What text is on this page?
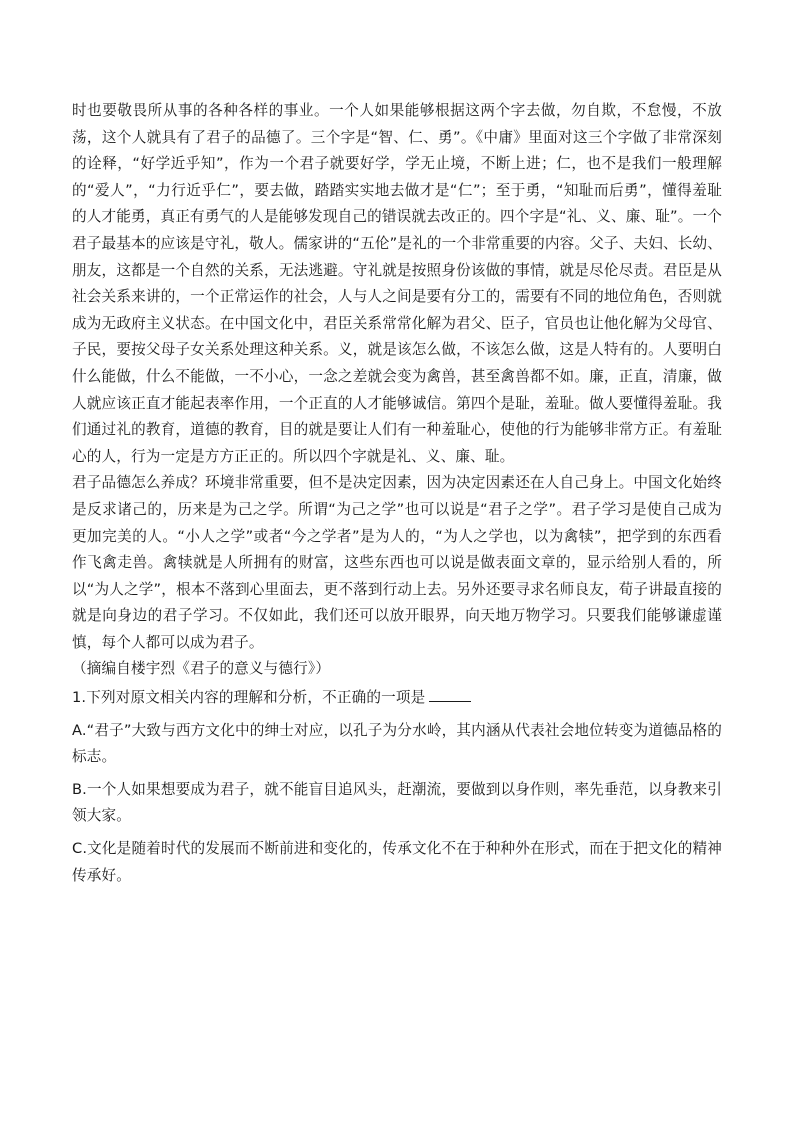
时也要敬畏所从事的各种各样的事业。一个人如果能够根据这两个字去做，勿自欺，不怠慢，不放荡，这个人就具有了君子的品德了。三个字是“智、仁、勇”。《中庸》里面对这三个字做了非常深刻的诠释，“好学近乎知”，作为一个君子就要好学，学无止境，不断上进；仁，也不是我们一般理解的“爱人”，“力行近乎仁”，要去做，踏踏实实地去做才是“仁”；至于勇，“知耻而后勇”，懂得羞耻的人才能勇，真正有勇气的人是能够发现自己的错误就去改正的。四个字是“礼、义、廉、耻”。一个君子最基本的应该是守礼，敬人。儒家讲的“五伦”是礼的一个非常重要的内容。父子、夫妇、长幼、朋友，这都是一个自然的关系，无法逃避。守礼就是按照身份该做的事情，就是尽伦尽责。君臣是从社会关系来讲的，一个正常运作的社会，人与人之间是要有分工的，需要有不同的地位角色，否则就成为无政府主义状态。在中国文化中，君臣关系常常化解为君父、臣子，官员也让他化解为父母官、子民，要按父母子女关系处理这种关系。义，就是该怎么做，不该怎么做，这是人特有的。人要明白什么能做，什么不能做，一不小心，一念之差就会变为禽兽，甚至禽兽都不如。廉，正直，清廉，做人就应该正直才能起表率作用，一个正直的人才能够诚信。第四个是耻，羞耻。做人要懂得羞耻。我们通过礼的教育，道德的教育，目的就是要让人们有一种羞耻心，使他的行为能够非常方正。有羞耻心的人，行为一定是方方正正的。所以四个字就是礼、义、廉、耻。

君子品德怎么养成？环境非常重要，但不是决定因素，因为决定因素还在人自己身上。中国文化始终是反求诸己的，历来是为己之学。所谓“为己之学”也可以说是“君子之学”。君子学习是使自己成为更加完美的人。“小人之学”或者“今之学者”是为人的，“为人之学也，以为禽犊”，把学到的东西看作飞禽走兽。禽犊就是人所拥有的财富，这些东西也可以说是做表面文章的，显示给别人看的，所以“为人之学”，根本不落到心里面去，更不落到行动上去。另外还要寻求名师良友，荀子讲最直接的就是向身边的君子学习。不仅如此，我们还可以放开眼界，向天地万物学习。只要我们能够谦虚谨慎，每个人都可以成为君子。

（摘编自楼宇烈《君子的意义与德行》）

1.下列对原文相关内容的理解和分析，不正确的一项是

A.“君子”大致与西方文化中的绅士对应，以孔子为分水岭，其内涵从代表社会地位转变为道德品格的标志。

B.一个人如果想要成为君子，就不能盲目追风头，赶潮流，要做到以身作则，率先垂范，以身教来引领大家。

C.文化是随着时代的发展而不断前进和变化的，传承文化不在于种种外在形式，而在于把文化的精神传承好。
